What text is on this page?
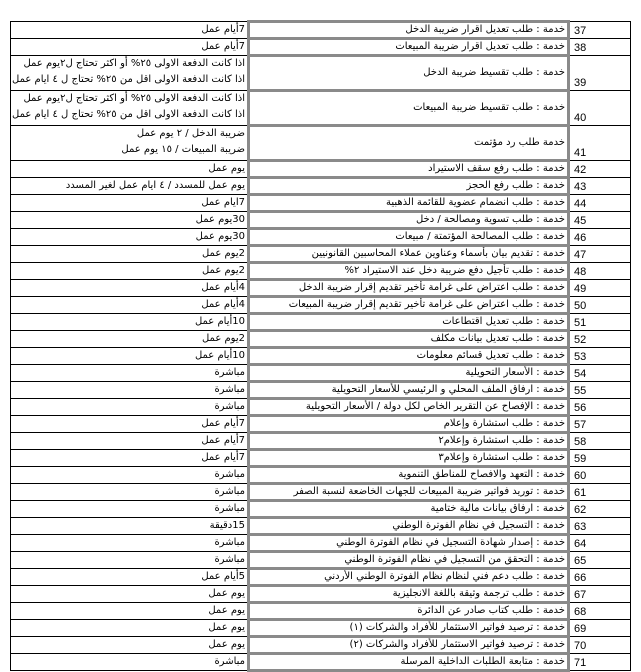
37	خدمة : طلب تعديل اقرار ضريبة الدخل	7أيام عمل

38	خدمة : طلب تعديل اقرار ضريبة المبيعات	7أيام عمل

39	خدمة : طلب تقسيط ضريبة الدخل	اذا كانت الدفعة الاولى ٢٥% أو اكثر تحتاج ل٢يوم عمل
اذا كانت الدفعة الاولى اقل من ٢٥% تحتاج ل ٤ ايام عمل

40	خدمة : طلب تقسيط ضريبة المبيعات	اذا كانت الدفعة الاولى ٢٥% أو اكثر تحتاج ل٢يوم عمل
اذا كانت الدفعة الاولى اقل من ٢٥% تحتاج ل ٤ ايام عمل

41	خدمة طلب رد مؤتمت	ضريبة الدخل / ٢ يوم عمل
ضريبة المبيعات / ١٥ يوم عمل

42	خدمة : طلب رفع سقف الاستيراد	يوم عمل

43	خدمة : طلب رفع الحجز	يوم عمل للمسدد / ٤ ايام عمل لغير المسدد

44	خدمة : طلب انضمام عضوية للقائمة الذهبية	7ايام عمل

45	خدمة : طلب تسوية ومصالحة / دخل	30يوم عمل

46	خدمة : طلب المصالحة المؤتمتة / مبيعات	30يوم عمل

47	خدمة : تقديم بيان بأسماء وعناوين عملاء المحاسبين القانونيين	2يوم عمل

48	خدمة : طلب تأجيل دفع ضريبة دخل عند الاستيراد ٢%	2يوم عمل

49	خدمة : طلب اعتراض على غرامة تأخير تقديم إقرار ضريبة الدخل	4أيام عمل

50	خدمة : طلب اعتراض على غرامة تأخير تقديم إقرار ضريبة المبيعات	4أيام عمل

51	خدمة : طلب تعديل اقتطاعات	10أيام عمل

52	خدمة : طلب تعديل بيانات مكلف	2يوم عمل

53	خدمة : طلب تعديل قسائم معلومات	10أيام عمل

54	خدمة : الأسعار التحويلية	مباشرة

55	خدمة : ارفاق الملف المحلي و الرئيسي للأسعار التحويلية	مباشرة

56	خدمة : الإفصاح عن التقرير الخاص لكل دولة / الأسعار التحويلية	مباشرة

57	خدمة : طلب استشارة وإعلام	7أيام عمل

58	خدمة : طلب استشارة وإعلام٢	7أيام عمل

59	خدمة : طلب استشارة وإعلام٣	7أيام عمل

60	خدمة : التعهد والافصاح للمناطق التنموية	مباشرة

61	خدمة : توريد فواتير ضريبة المبيعات للجهات الخاضعة لنسبة الصفر	مباشرة

62	خدمة : ارفاق بيانات مالية ختامية	مباشرة

63	خدمة : التسجيل في نظام الفوترة الوطني	15دقيقة

64	خدمة : إصدار شهادة التسجيل في نظام الفوترة الوطني	مباشرة

65	خدمة : التحقق من التسجيل في نظام الفوترة الوطني	مباشرة

66	خدمة : طلب دعم فني لنظام نظام الفوترة الوطني الأردني	5أيام عمل

67	خدمة : طلب ترجمة وثيقة باللغة الانجليزية	يوم عمل

68	خدمة : طلب كتاب صادر عن الدائرة	يوم عمل

69	خدمة : ترصيد فواتير الاستثمار للأفراد والشركات (١)	يوم عمل

70	خدمة : ترصيد فواتير الاستثمار للأفراد والشركات (٢)	يوم عمل

71	خدمة : متابعة الطلبات الداخلية المرسلة	مباشرة
